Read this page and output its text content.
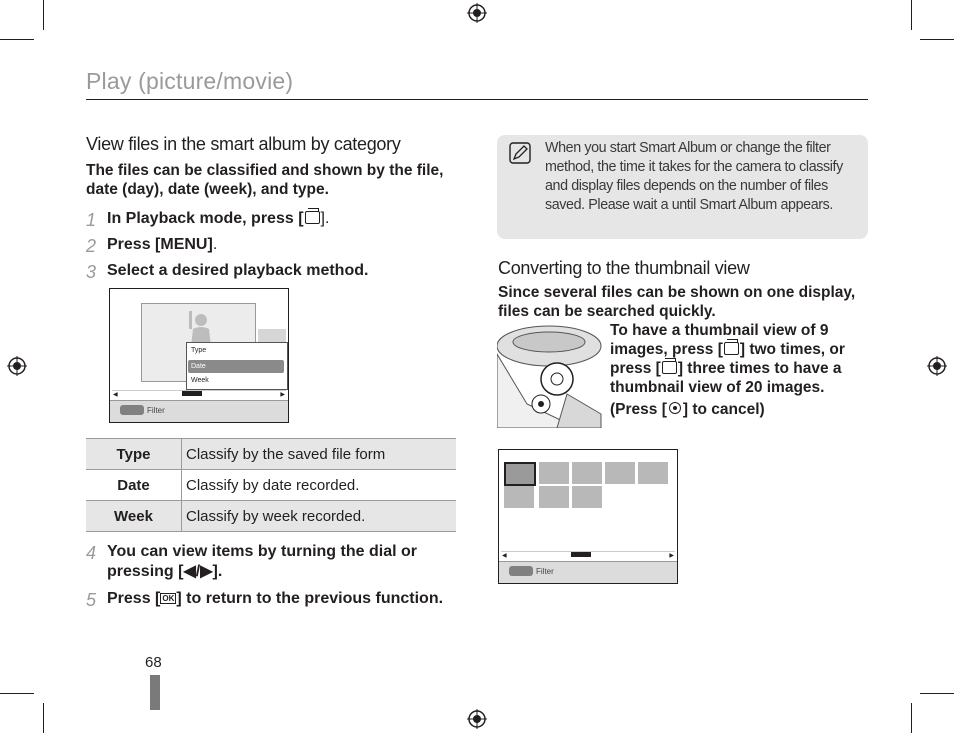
Play (picture/movie)
View files in the smart album by category
The files can be classified and shown by the file, date (day), date (week), and type.
1 In Playback mode, press [ ].
2 Press [MENU].
3 Select a desired playback method.
Type
Date
Week
◀	▶
Filter
Type	Classify by the saved file form
Date	Classify by date recorded.
Week	Classify by week recorded.
4 You can view items by turning the dial or
pressing [◀/▶].
5 Press [ OK ] to return to the previous function.
When you start Smart Album or change the filter method, the time it takes for the camera to classify and display files depends on the number of files saved. Please wait a until Smart Album appears.
Converting to the thumbnail view
Since several files can be shown on one display, files can be searched quickly.
To have a thumbnail view of 9
images, press [ ] two times, or
press [ ] three times to have a
thumbnail view of 20 images.
(Press [ ] to cancel)
◀	▶
Filter
68
